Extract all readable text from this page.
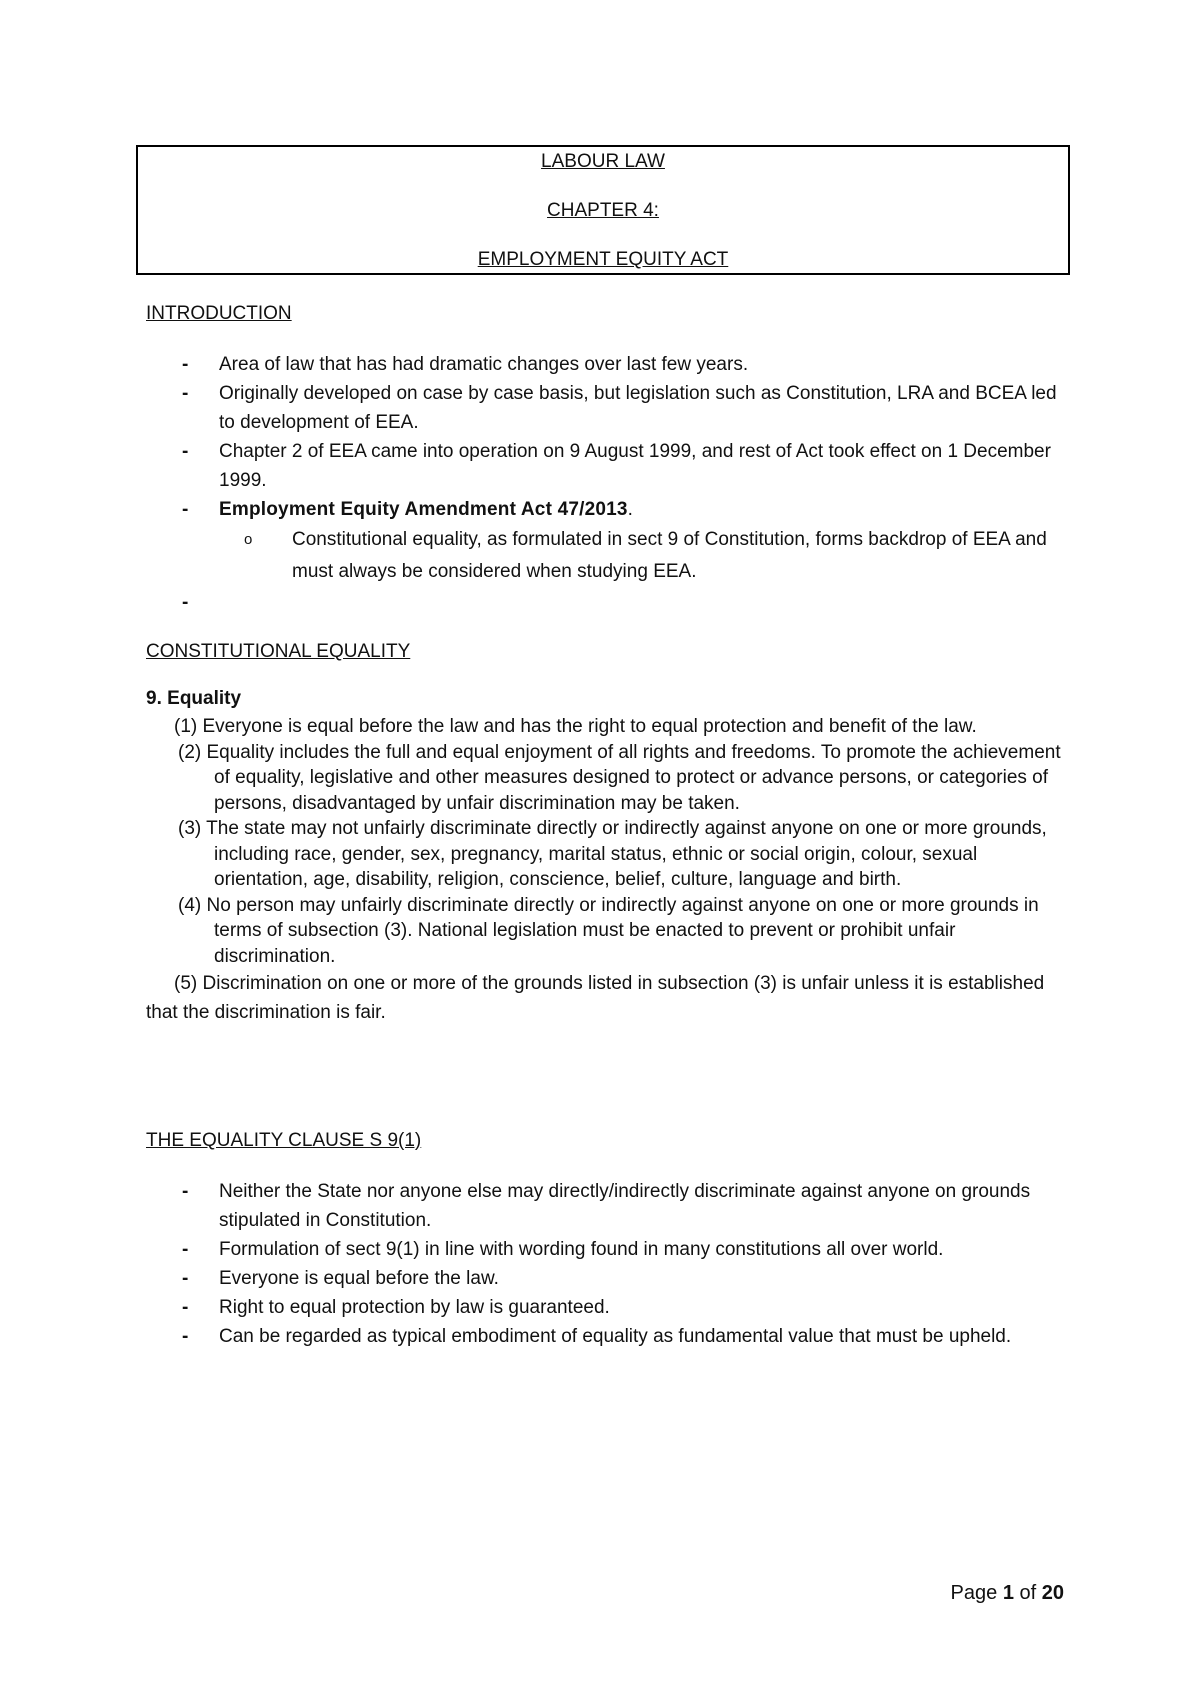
LABOUR LAW
CHAPTER 4:
EMPLOYMENT EQUITY ACT
INTRODUCTION
- Area of law that has had dramatic changes over last few years.
- Originally developed on case by case basis, but legislation such as Constitution, LRA and BCEA led to development of EEA.
- Chapter 2 of EEA came into operation on 9 August 1999, and rest of Act took effect on 1 December 1999.
- Employment Equity Amendment Act 47/2013.
o Constitutional equality, as formulated in sect 9 of Constitution, forms backdrop of EEA and must always be considered when studying EEA.
-

CONSTITUTIONAL EQUALITY
9. Equality
(1) Everyone is equal before the law and has the right to equal protection and benefit of the law.
(2) Equality includes the full and equal enjoyment of all rights and freedoms. To promote the achievement of equality, legislative and other measures designed to protect or advance persons, or categories of persons, disadvantaged by unfair discrimination may be taken.
(3) The state may not unfairly discriminate directly or indirectly against anyone on one or more grounds, including race, gender, sex, pregnancy, marital status, ethnic or social origin, colour, sexual orientation, age, disability, religion, conscience, belief, culture, language and birth.
(4) No person may unfairly discriminate directly or indirectly against anyone on one or more grounds in terms of subsection (3). National legislation must be enacted to prevent or prohibit unfair discrimination.
(5) Discrimination on one or more of the grounds listed in subsection (3) is unfair unless it is established that the discrimination is fair.
THE EQUALITY CLAUSE S 9(1)
- Neither the State nor anyone else may directly/indirectly discriminate against anyone on grounds stipulated in Constitution.
- Formulation of sect 9(1) in line with wording found in many constitutions all over world.
- Everyone is equal before the law.
- Right to equal protection by law is guaranteed.
- Can be regarded as typical embodiment of equality as fundamental value that must be upheld.
Page 1 of 20
